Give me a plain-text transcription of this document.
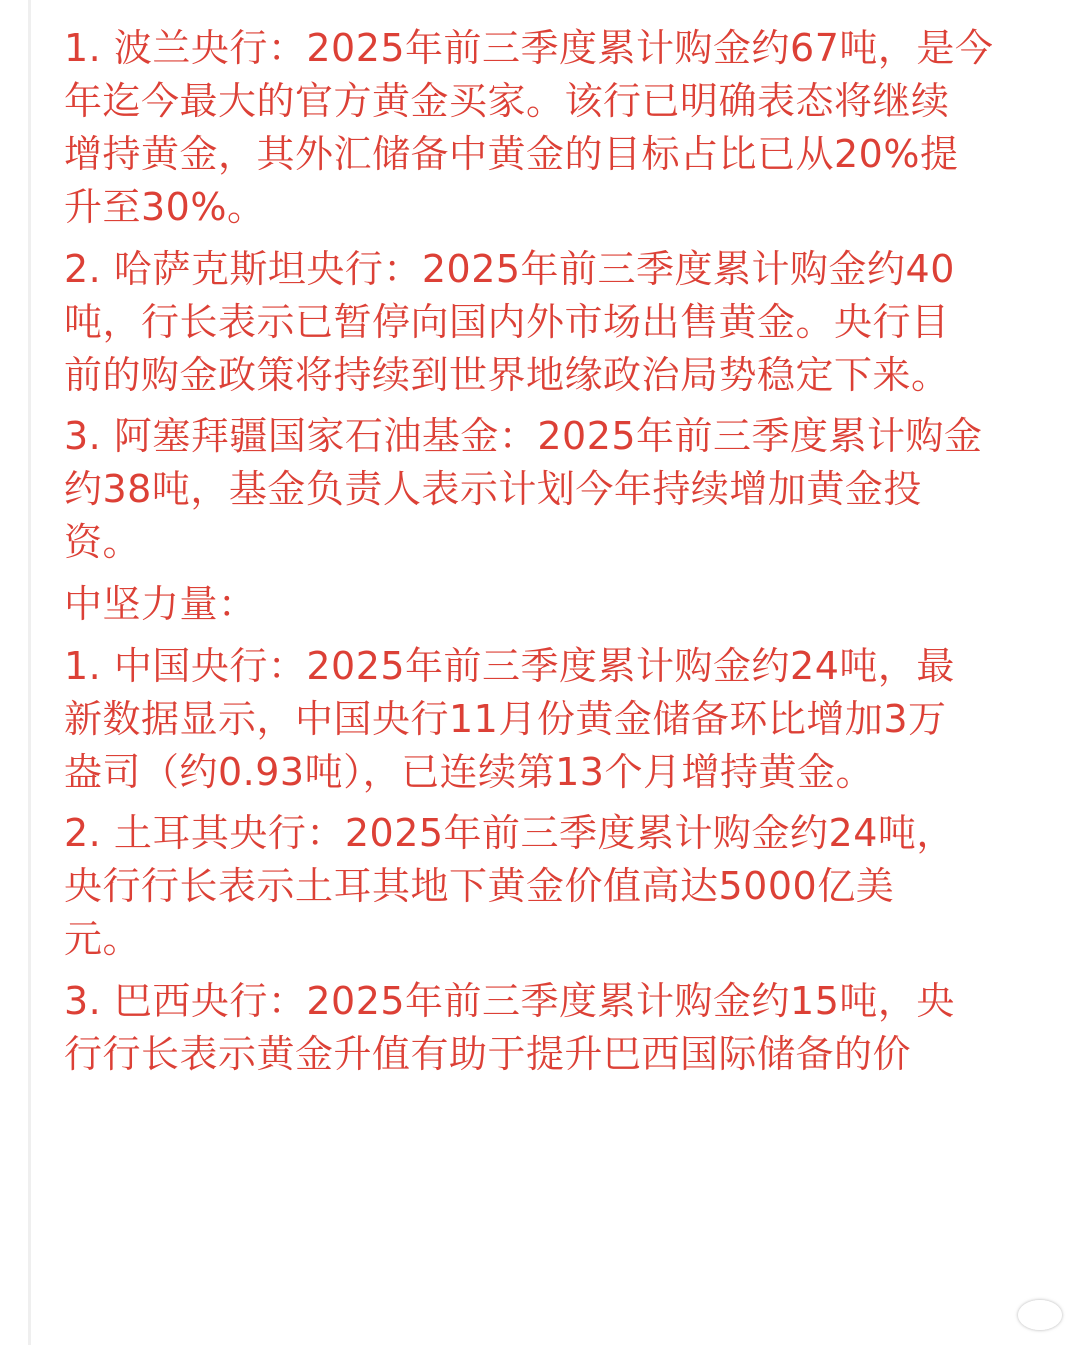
1. 波兰央行：2025年前三季度累计购金约67吨，是今
年迄今最大的官方黄金买家。该行已明确表态将继续
增持黄金，其外汇储备中黄金的目标占比已从20%提
升至30%。

2. 哈萨克斯坦央行：2025年前三季度累计购金约40
吨，行长表示已暂停向国内外市场出售黄金。央行目
前的购金政策将持续到世界地缘政治局势稳定下来。

3. 阿塞拜疆国家石油基金：2025年前三季度累计购金
约38吨，基金负责人表示计划今年持续增加黄金投
资。

中坚力量：

1. 中国央行：2025年前三季度累计购金约24吨，最
新数据显示，中国央行11月份黄金储备环比增加3万
盎司（约0.93吨），已连续第13个月增持黄金。

2. 土耳其央行：2025年前三季度累计购金约24吨，
央行行长表示土耳其地下黄金价值高达5000亿美
元。

3. 巴西央行：2025年前三季度累计购金约15吨，央
行行长表示黄金升值有助于提升巴西国际储备的价
